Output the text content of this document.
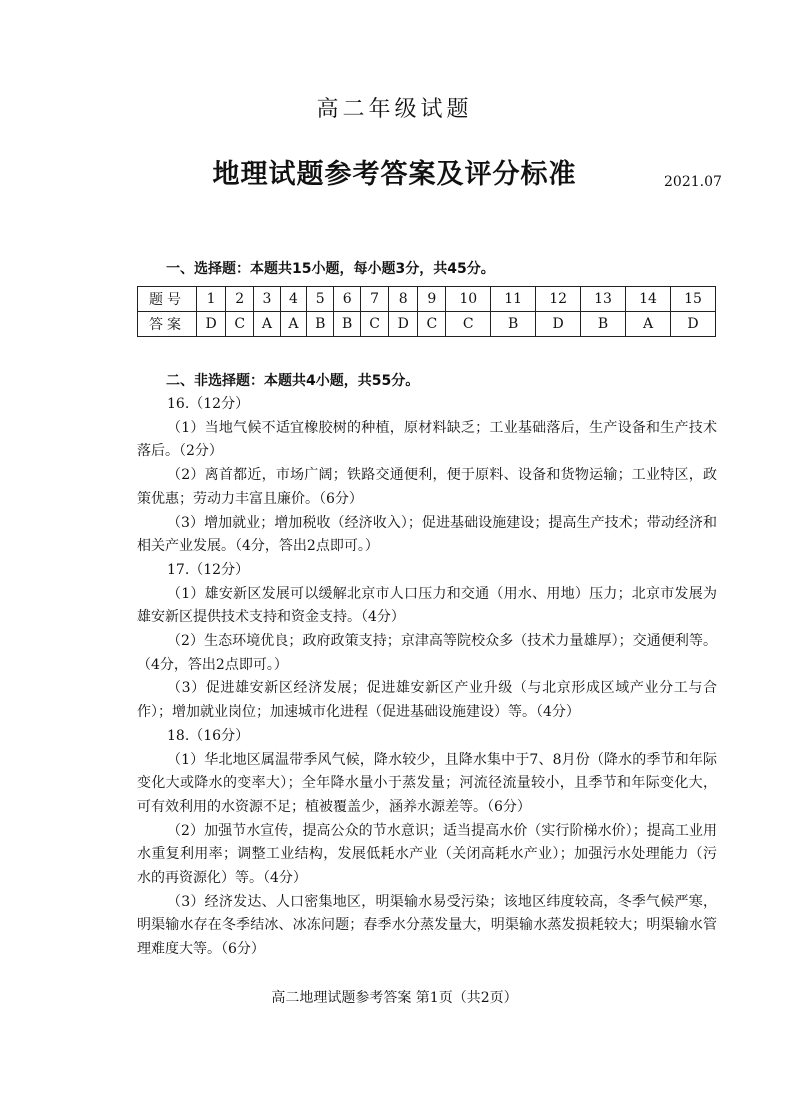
高二年级试题
地理试题参考答案及评分标准	2021.07
一、选择题：本题共15小题，每小题3分，共45分。
题号	1	2	3	4	5	6	7	8	9	10	11	12	13	14	15
答案	D	C	A	A	B	B	C	D	C	C	B	D	B	A	D
二、非选择题：本题共4小题，共55分。

16.（12分）

（1）当地气候不适宜橡胶树的种植，原材料缺乏；工业基础落后，生产设备和生产技术落后。（2分）

（2）离首都近，市场广阔；铁路交通便利，便于原料、设备和货物运输；工业特区，政策优惠；劳动力丰富且廉价。（6分）

（3）增加就业；增加税收（经济收入）；促进基础设施建设；提高生产技术；带动经济和相关产业发展。（4分，答出2点即可。）

17.（12分）

（1）雄安新区发展可以缓解北京市人口压力和交通（用水、用地）压力；北京市发展为雄安新区提供技术支持和资金支持。（4分）

（2）生态环境优良；政府政策支持；京津高等院校众多（技术力量雄厚）；交通便利等。（4分，答出2点即可。）

（3）促进雄安新区经济发展；促进雄安新区产业升级（与北京形成区域产业分工与合作）；增加就业岗位；加速城市化进程（促进基础设施建设）等。（4分）

18.（16分）

（1）华北地区属温带季风气候，降水较少，且降水集中于7、8月份（降水的季节和年际变化大或降水的变率大）；全年降水量小于蒸发量；河流径流量较小，且季节和年际变化大，可有效利用的水资源不足；植被覆盖少，涵养水源差等。（6分）

（2）加强节水宣传，提高公众的节水意识；适当提高水价（实行阶梯水价）；提高工业用水重复利用率；调整工业结构，发展低耗水产业（关闭高耗水产业）；加强污水处理能力（污水的再资源化）等。（4分）

（3）经济发达、人口密集地区，明渠输水易受污染；该地区纬度较高，冬季气候严寒，明渠输水存在冬季结冰、冰冻问题；春季水分蒸发量大，明渠输水蒸发损耗较大；明渠输水管理难度大等。（6分）

高二地理试题参考答案 第1页（共2页）
